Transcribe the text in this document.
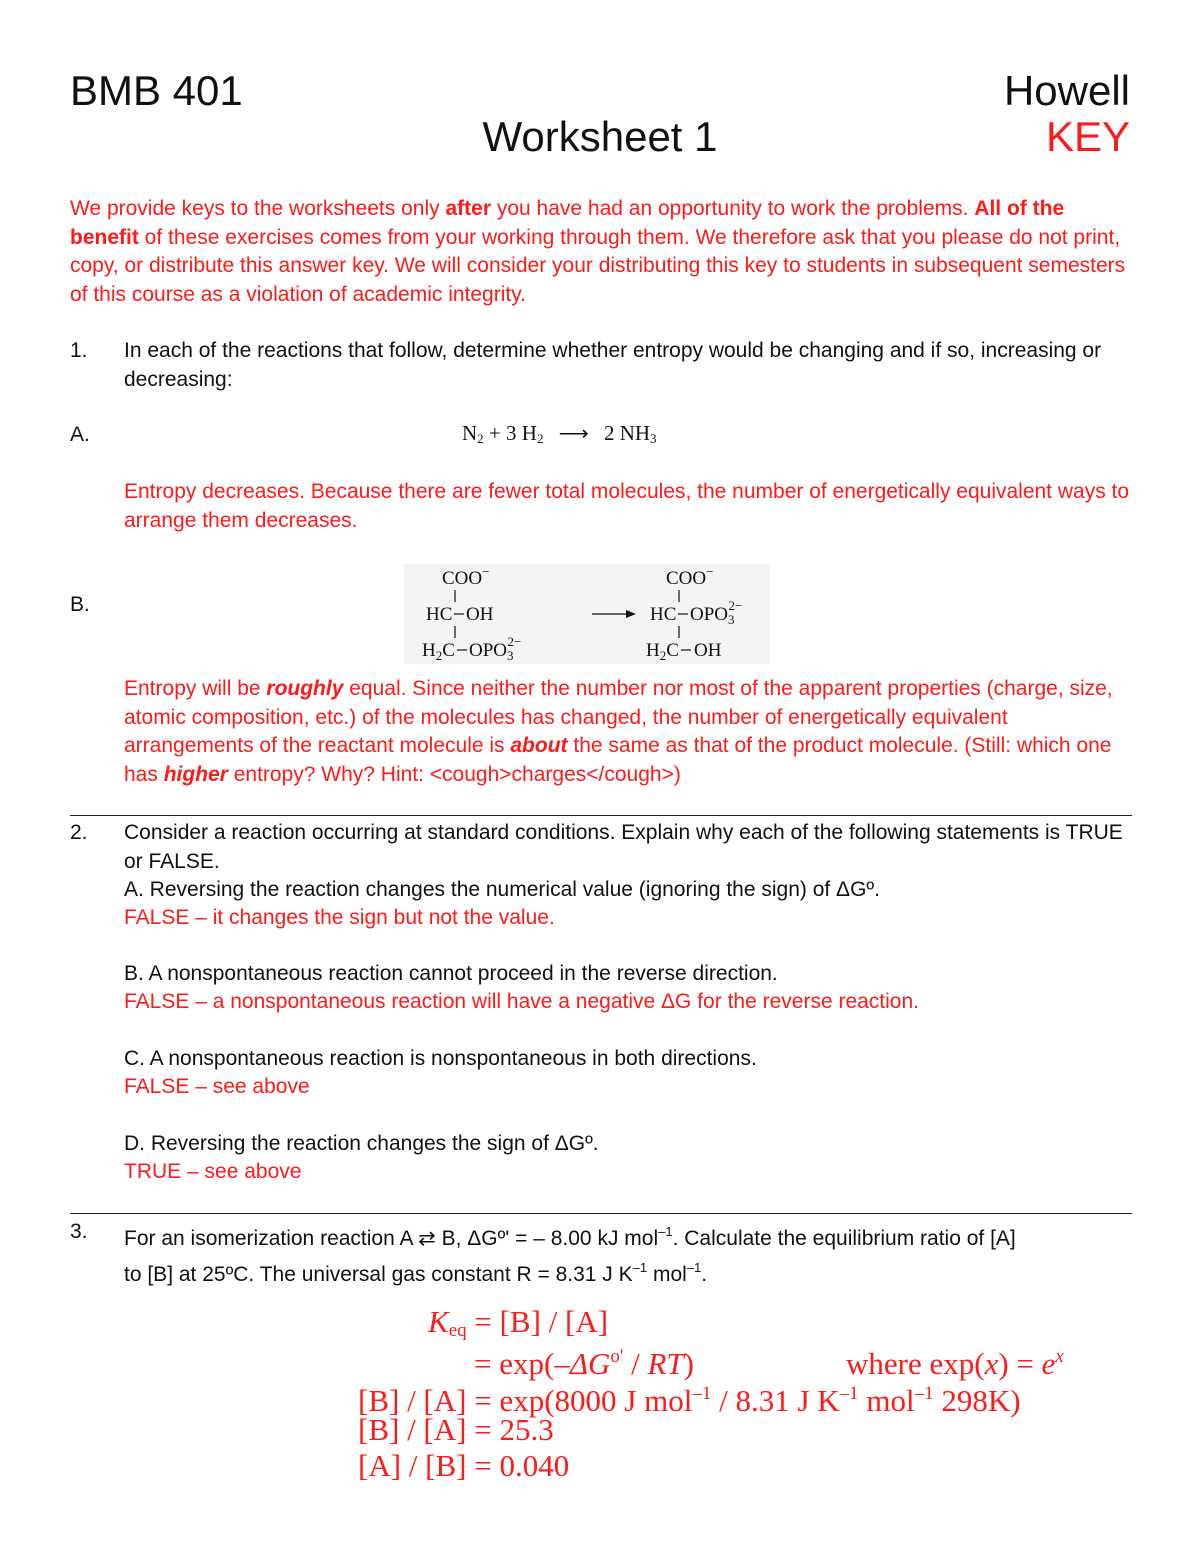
BMB 401	Howell
Worksheet 1	KEY
We provide keys to the worksheets only after you have had an opportunity to work the problems. All of the benefit of these exercises comes from your working through them. We therefore ask that you please do not print, copy, or distribute this answer key. We will consider your distributing this key to students in subsequent semesters of this course as a violation of academic integrity.
1. In each of the reactions that follow, determine whether entropy would be changing and if so, increasing or decreasing:
A.	$N_2 + 3$ $H_2$ ⟶ 2 $NH_3$
Entropy decreases. Because there are fewer total molecules, the number of energetically equivalent ways to arrange them decreases.
B.
COO−
HC OH
$H_2C$ $OPO_32-$
COO−
HC $OPO_32-$
$H_2C$ OH
Entropy will be roughly equal. Since neither the number nor most of the apparent properties (charge, size, atomic composition, etc.) of the molecules has changed, the number of energetically equivalent arrangements of the reactant molecule is about the same as that of the product molecule. (Still: which one has higher entropy? Why? Hint: <cough>charges</cough>)
2. Consider a reaction occurring at standard conditions. Explain why each of the following statements is TRUE or FALSE.
A. Reversing the reaction changes the numerical value (ignoring the sign) of ΔGº.
FALSE – it changes the sign but not the value.
B. A nonspontaneous reaction cannot proceed in the reverse direction.
FALSE – a nonspontaneous reaction will have a negative ΔG for the reverse reaction.
C. A nonspontaneous reaction is nonspontaneous in both directions.
FALSE – see above
D. Reversing the reaction changes the sign of ΔGº.
TRUE – see above
3. For an isomerization reaction A ⇄ B, ΔGº' = – 8.00 kJ mol$^{-1}$. Calculate the equilibrium ratio of [A]
to [B] at 25ºC. The universal gas constant R = 8.31 J $K^{-1}$ mol$^{-1}$.
$K_{eq} = [B] / [A]$
= $\exp(-\Delta G^{o'} / RT)$	where $\exp(x) = e^x$
[B] / [A] = exp(8000 J mol$^{-1}$ / 8.31 J $K^{-1}$ mol$^{-1}$ 298K)
[B] / [A] = 25.3
[A] / [B] = 0.040
